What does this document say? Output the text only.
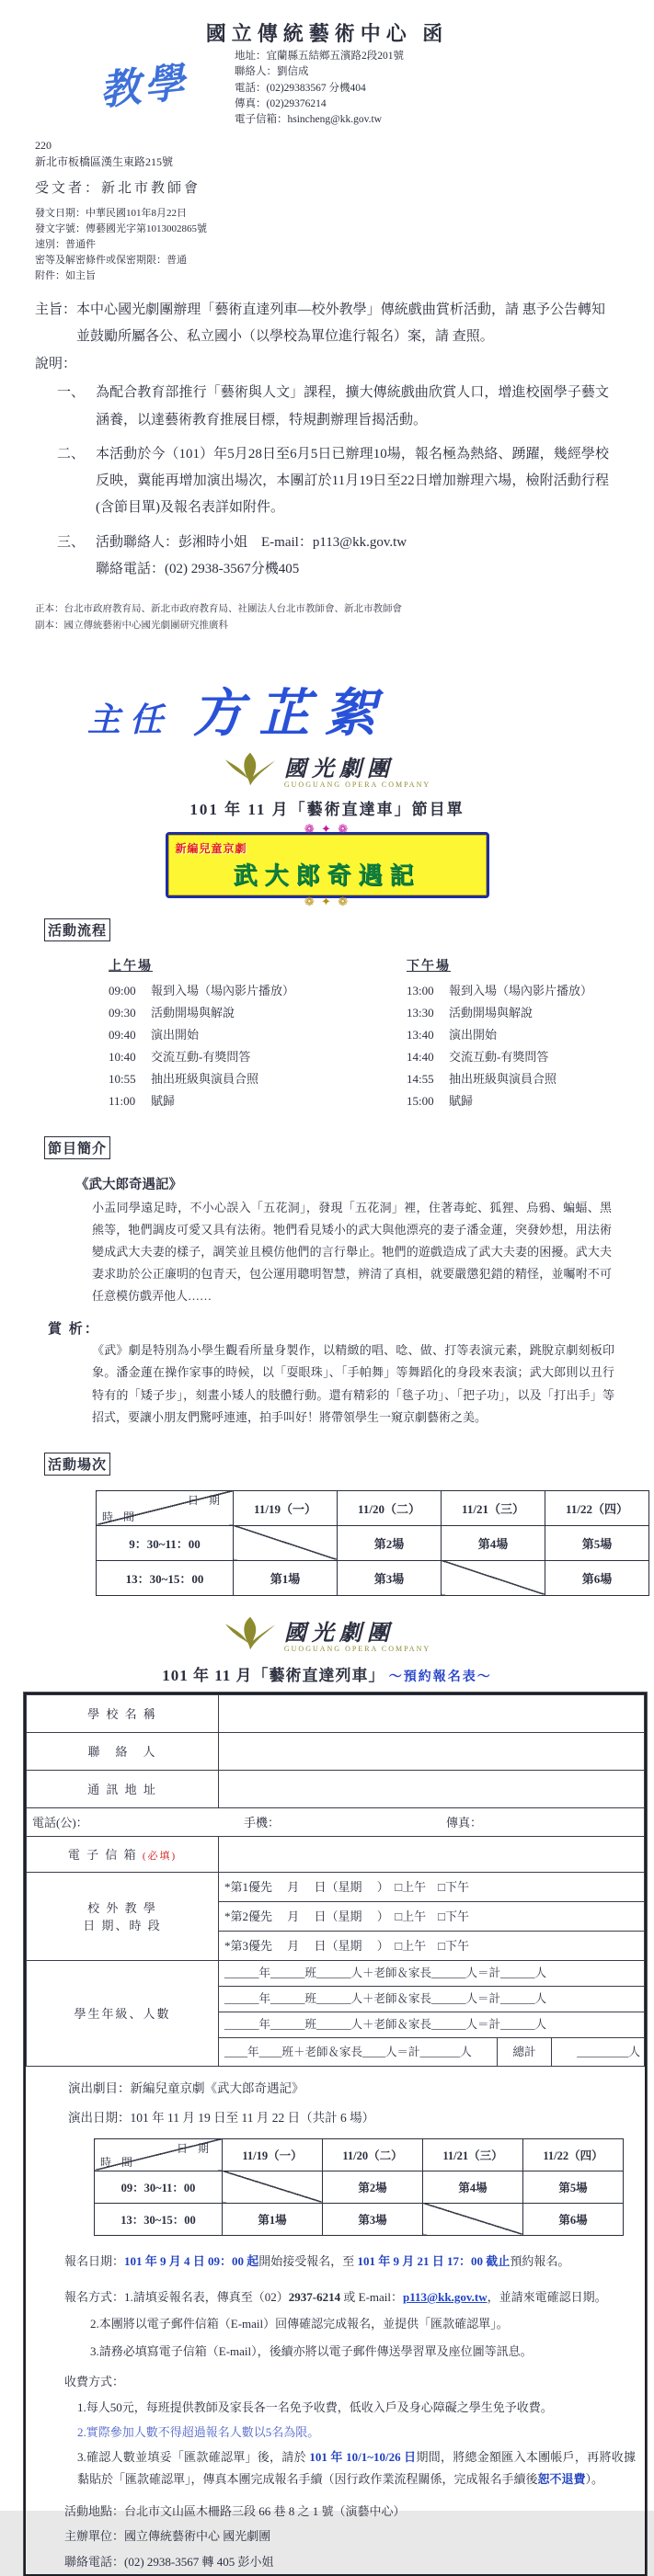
國立傳統藝術中心 函
教學
地址：宜蘭縣五結鄉五濱路2段201號
聯絡人：劉信成
電話：(02)29383567 分機404
傳真：(02)29376214
電子信箱：hsincheng@kk.gov.tw
220
新北市板橋區漢生東路215號
受文者：新北市教師會
發文日期：中華民國101年8月22日
發文字號：傳藝國光字第1013002865號
速別：普通件
密等及解密條件或保密期限：普通
附件：如主旨
主旨： 本中心國光劇團辦理「藝術直達列車—校外教學」傳統戲曲賞析活動，請 惠予公告轉知並鼓勵所屬各公、私立國小（以學校為單位進行報名）案，請 查照。
說明：
一、 為配合教育部推行「藝術與人文」課程，擴大傳統戲曲欣賞人口，增進校園學子藝文涵養，以達藝術教育推展目標，特規劃辦理旨揭活動。
二、 本活動於今（101）年5月28日至6月5日已辦理10場，報名極為熱絡、踴躍，幾經學校反映，冀能再增加演出場次，本團訂於11月19日至22日增加辦理六場，檢附活動行程(含節目單)及報名表詳如附件。
三、 活動聯絡人：彭湘時小姐　E-mail：p113@kk.gov.tw
聯絡電話：(02) 2938-3567分機405
正本：台北市政府教育局、新北市政府教育局、社團法人台北市教師會、新北市教師會
副本：國立傳統藝術中心國光劇團研究推廣科
主任 方芷絮
國光劇團
GUOGUANG OPERA COMPANY
101 年 11 月「藝術直達車」節目單
❁ ✦ ❁
新編兒童京劇
武大郎奇遇記
❁ ✦ ❁
活動流程
上午場
09:00	報到入場（場內影片播放）
09:30	活動開場與解說
09:40	演出開始
10:40	交流互動-有獎問答
10:55	抽出班級與演員合照
11:00	賦歸
下午場
13:00	報到入場（場內影片播放）
13:30	活動開場與解說
13:40	演出開始
14:40	交流互動-有獎問答
14:55	抽出班級與演員合照
15:00	賦歸
節目簡介
《武大郎奇遇記》
小盂同學遠足時，不小心誤入「五花洞」，發現「五花洞」裡，住著毒蛇、狐狸、烏鴉、蝙蝠、黑熊等，牠們調皮可愛又具有法術。牠們看見矮小的武大與他漂亮的妻子潘金蓮，突發妙想，用法術變成武大夫妻的樣子，調笑並且模仿他們的言行舉止。牠們的遊戲造成了武大夫妻的困擾。武大夫妻求助於公正廉明的包青天，包公運用聰明智慧，辨清了真相，就要嚴懲犯錯的精怪，並囑咐不可任意模仿戲弄他人……
賞 析：
《武》劇是特別為小學生觀看所量身製作，以精緻的唱、唸、做、打等表演元素，跳脫京劇刻板印象。潘金蓮在操作家事的時候，以「耍眼珠」、「手帕舞」等舞蹈化的身段來表演；武大郎則以丑行特有的「矮子步」，刻畫小矮人的肢體行動。還有精彩的「毯子功」、「把子功」，以及「打出手」等招式，要讓小朋友們驚呼連連，拍手叫好！將帶領學生一窺京劇藝術之美。
活動場次
日 期
時 間	11/19（一）	11/20（二）	11/21（三）	11/22（四）
9：30~11：00		第2場	第4場	第5場
13：30~15：00	第1場	第3場		第6場
國光劇團
GUOGUANG OPERA COMPANY
101 年 11 月「藝術直達列車」 ～預約報名表～
學 校 名 稱	
聯　絡　人	
通 訊 地 址	

電話(公)： 手機： 傳真：	

電 子 信 箱 (必填)	

校 外 教 學
日 期、時 段	*第1優先　 月　 日（星期　 ）　□上午　□下午
	*第2優先　 月　 日（星期　 ）　□上午　□下午
	*第3優先　 月　 日（星期　 ）　□上午　□下午
學生年級、人數	______年______班______人＋老師＆家長______人＝計______人
	______年______班______人＋老師＆家長______人＝計______人
	______年______班______人＋老師＆家長______人＝計______人

	____年____班＋老師＆家長____人＝計_______人 總計 _________人
演出劇目：新編兒童京劇《武大郎奇遇記》
演出日期：101 年 11 月 19 日至 11 月 22 日（共計 6 場）
日 期
時 間	11/19（一）	11/20（二）	11/21（三）	11/22（四）
09：30~11：00		第2場	第4場	第5場
13：30~15：00	第1場	第3場		第6場
報名日期：101 年 9 月 4 日 09：00 起開始接受報名，至 101 年 9 月 21 日 17：00 截止預約報名。
報名方式：1.請填妥報名表，傳真至（02）2937-6214 或 E-mail：p113@kk.gov.tw，並請來電確認日期。
2.本團將以電子郵件信箱（E-mail）回傳確認完成報名，並提供「匯款確認單」。
3.請務必填寫電子信箱（E-mail），後續亦將以電子郵件傳送學習單及座位圖等訊息。
收費方式：
1.每人50元，每班提供教師及家長各一名免予收費，低收入戶及身心障礙之學生免予收費。
2.實際參加人數不得超過報名人數以5名為限。
3.確認人數並填妥「匯款確認單」後，請於 101 年 10/1~10/26 日期間，將總金額匯入本團帳戶，再將收據黏貼於「匯款確認單」，傳真本團完成報名手續（因行政作業流程關係，完成報名手續後恕不退費）。
活動地點：台北市文山區木柵路三段 66 巷 8 之 1 號（演藝中心）
主辦單位：國立傳統藝術中心 國光劇團
聯絡電話：(02) 2938-3567 轉 405 彭小姐
